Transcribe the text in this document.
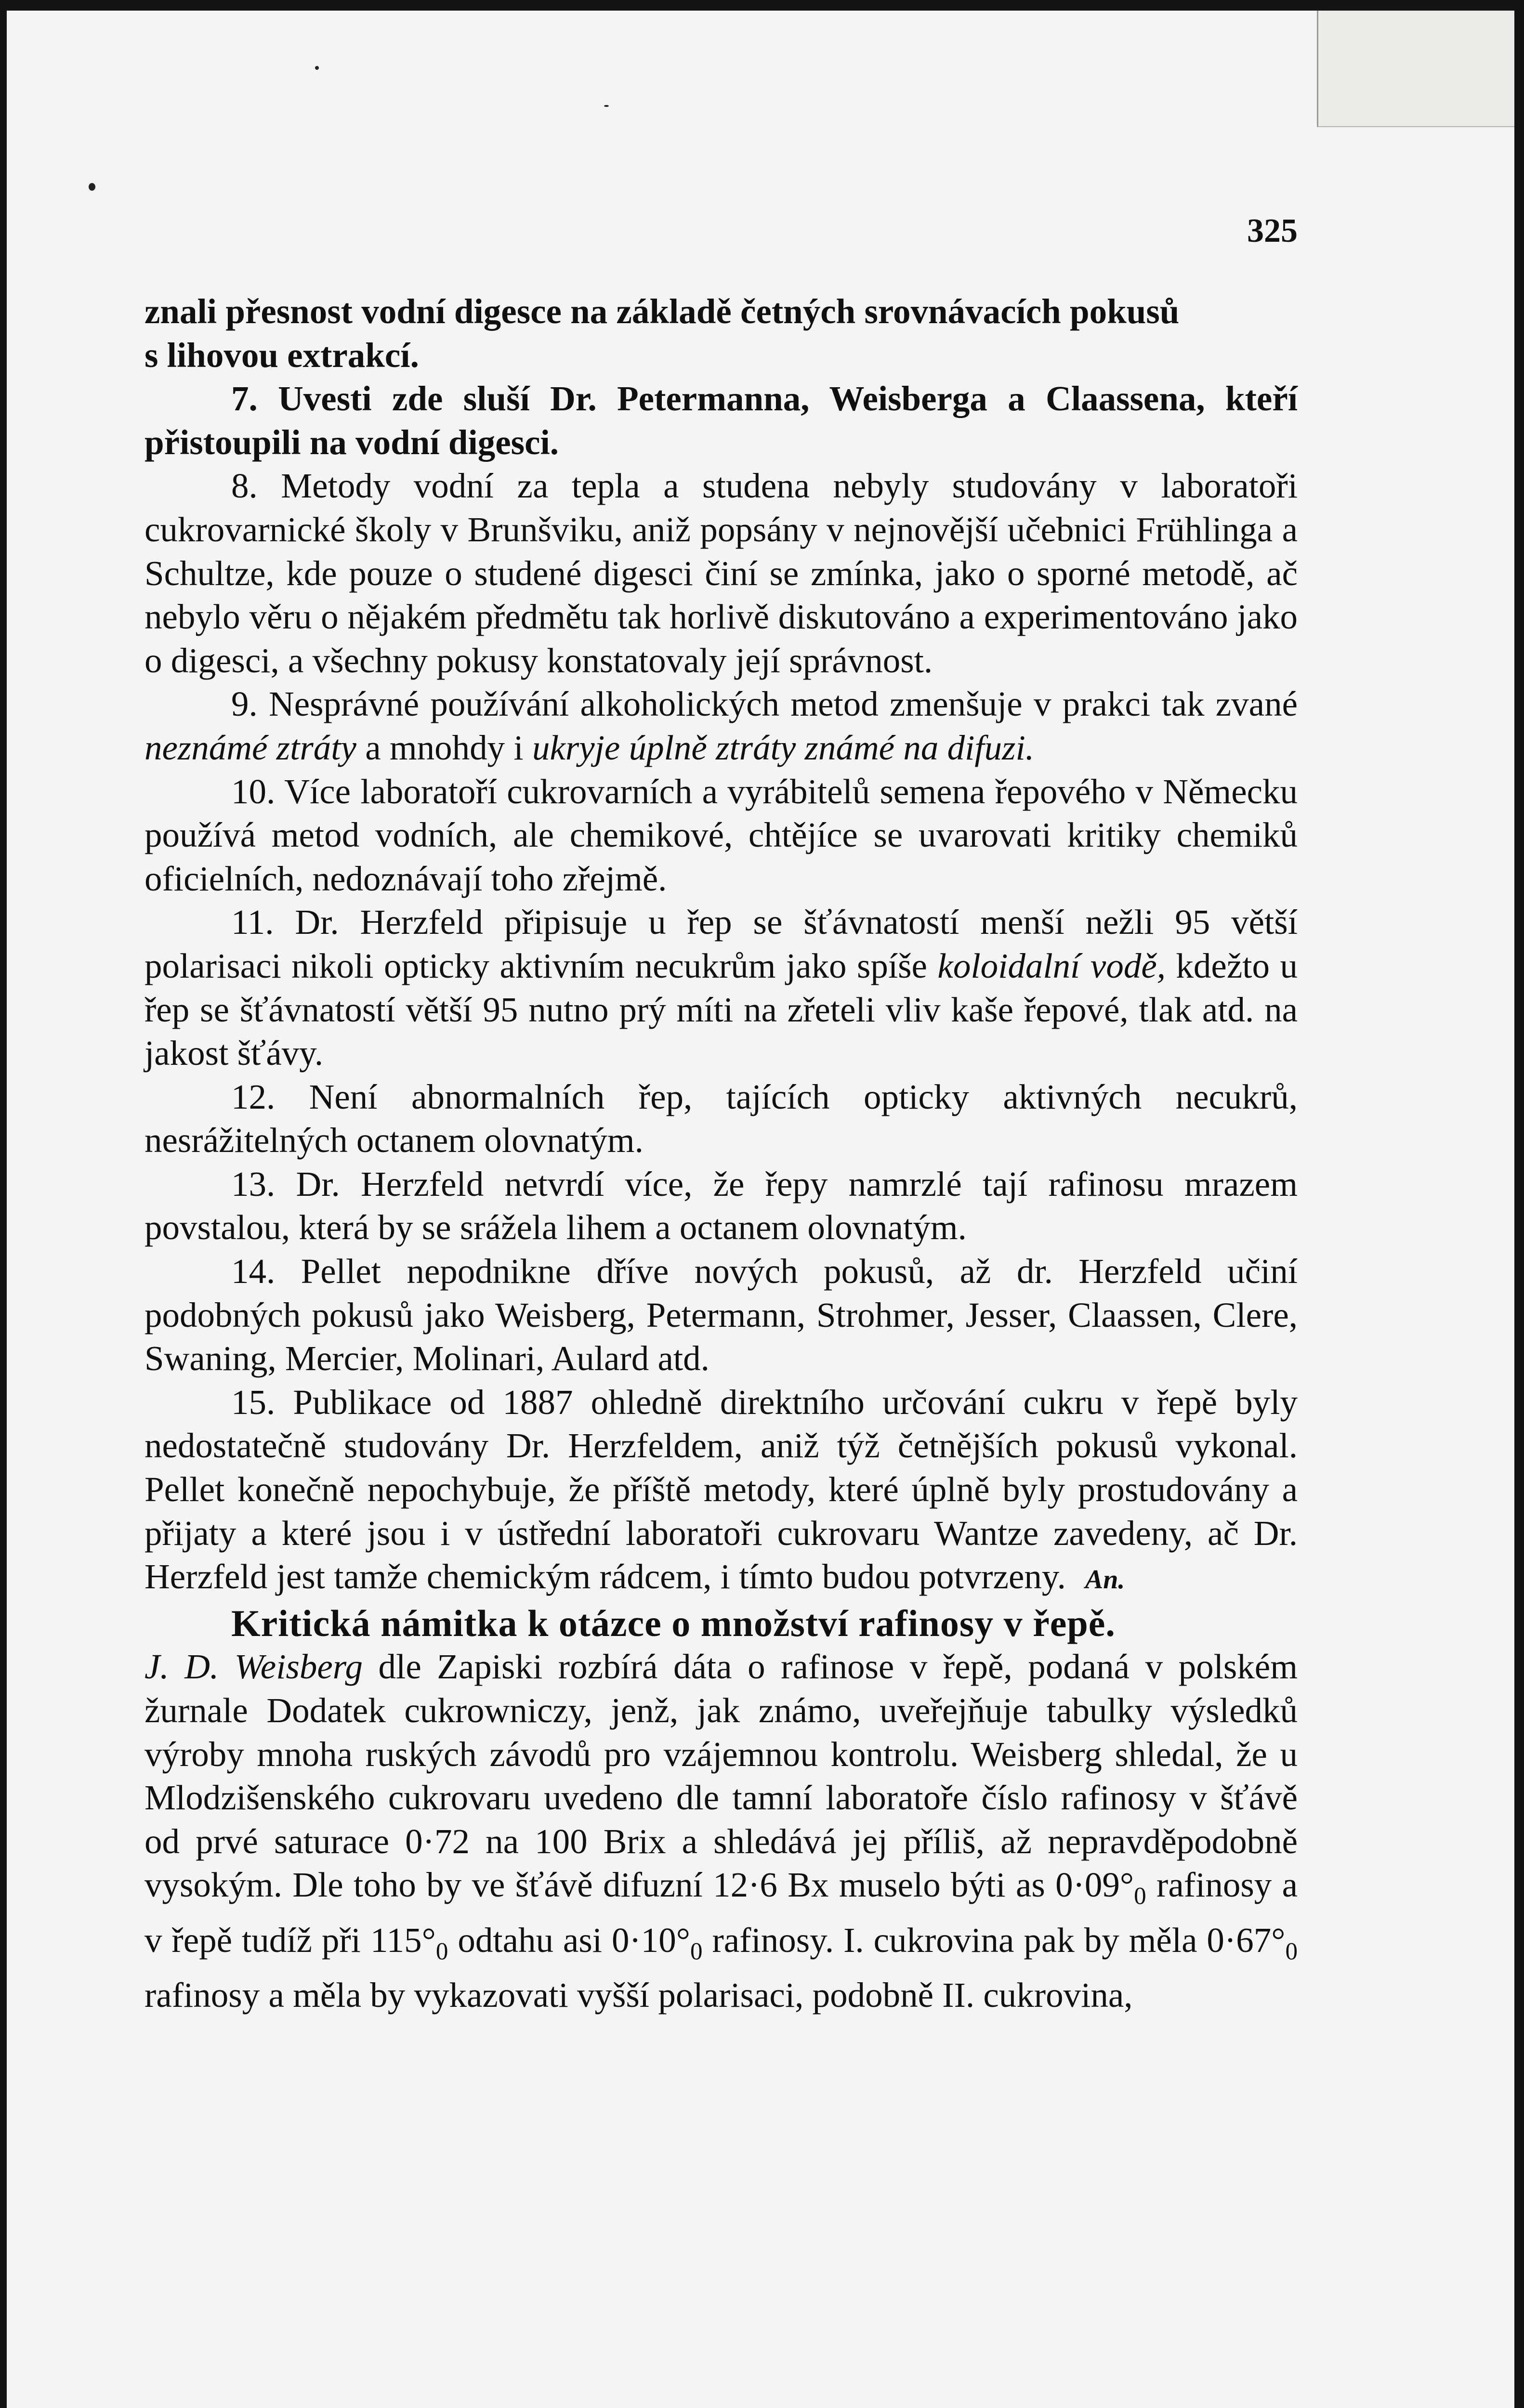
325

znali přesnost vodní digesce na základě četných srovnávacích pokusů
s lihovou extrakcí.

7. Uvesti zde sluší Dr. Petermanna, Weisberga a Claassena, kteří přistoupili na vodní digesci.

8. Metody vodní za tepla a studena nebyly studovány v laboratoři cukrovarnické školy v Brunšviku, aniž popsány v nejnovější učebnici Frühlinga a Schultze, kde pouze o studené digesci činí se zmínka, jako o sporné metodě, ač nebylo věru o nějakém předmětu tak horlivě diskutováno a experimentováno jako o digesci, a všechny pokusy konstatovaly její správnost.

9. Nesprávné používání alkoholických metod zmenšuje v prakci tak zvané neznámé ztráty a mnohdy i ukryje úplně ztráty známé na difuzi.

10. Více laboratoří cukrovarních a vyrábitelů semena řepového v Německu používá metod vodních, ale chemikové, chtějíce se uvarovati kritiky chemiků oficielních, nedoznávají toho zřejmě.

11. Dr. Herzfeld připisuje u řep se šťávnatostí menší nežli 95 větší polarisaci nikoli opticky aktivním necukrům jako spíše koloidalní vodě, kdežto u řep se šťávnatostí větší 95 nutno prý míti na zřeteli vliv kaše řepové, tlak atd. na jakost šťávy.

12. Není abnormalních řep, tajících opticky aktivných necukrů, nesrážitelných octanem olovnatým.

13. Dr. Herzfeld netvrdí více, že řepy namrzlé tají rafinosu mrazem povstalou, která by se srážela lihem a octanem olovnatým.

14. Pellet nepodnikne dříve nových pokusů, až dr. Herzfeld učiní podobných pokusů jako Weisberg, Petermann, Strohmer, Jesser, Claassen, Clere, Swaning, Mercier, Molinari, Aulard atd.

15. Publikace od 1887 ohledně direktního určování cukru v řepě byly nedostatečně studovány Dr. Herzfeldem, aniž týž četnějších pokusů vykonal. Pellet konečně nepochybuje, že příště metody, které úplně byly prostudovány a přijaty a které jsou i v ústřední laboratoři cukrovaru Wantze zavedeny, ač Dr. Herzfeld jest tamže chemickým rádcem, i tímto budou potvrzeny. An.

Kritická námitka k otázce o množství rafinosy v řepě.

J. D. Weisberg dle Zapiski rozbírá dáta o rafinose v řepě, podaná v polském žurnale Dodatek cukrowniczy, jenž, jak známo, uveřejňuje tabulky výsledků výroby mnoha ruských závodů pro vzájemnou kontrolu. Weisberg shledal, že u Mlodzišenského cukrovaru uvedeno dle tamní laboratoře číslo rafinosy v šťávě od prvé saturace 0·72 na 100 Brix a shledává jej příliš, až nepravděpodobně vysokým. Dle toho by ve šťávě difuzní 12·6 Bx muselo býti as $0\cdot 09^\circ_0$ rafinosy a v řepě tudíž při $115^\circ_0$ odtahu asi $0\cdot 10^\circ_0$ rafinosy. I. cukrovina pak by měla $0\cdot 67^\circ_0$ rafinosy a měla by vykazovati vyšší polarisaci, podobně II. cukrovina,
